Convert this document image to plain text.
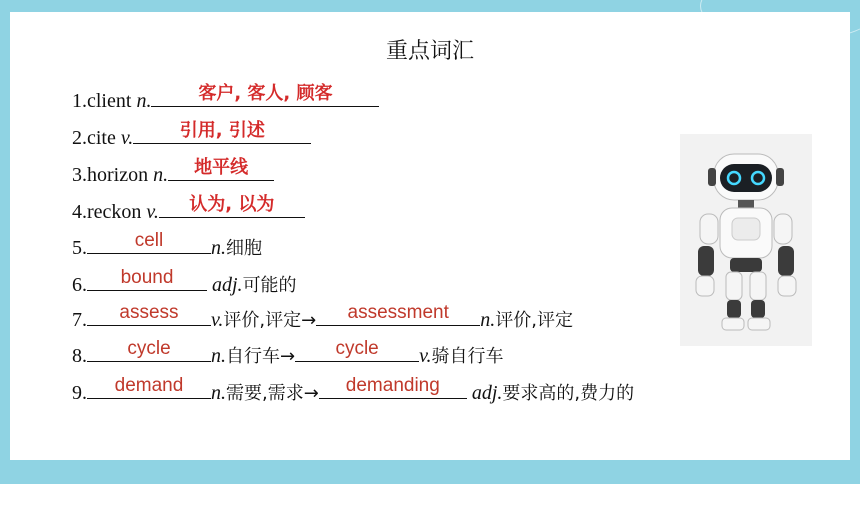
重点词汇
1.client n.	客户, 客人, 顾客
2.cite v.	引用, 引述
3.horizon n.	地平线
4.reckon v.	认为, 以为
5.	cell	n.细胞
6.	bound	adj.可能的
7.	assess	v.评价,评定→	assessment	n.评价,评定
8.	cycle	n.自行车→	cycle	v.骑自行车
9.	demand	n.需要,需求→	demanding	adj.要求高的,费力的
